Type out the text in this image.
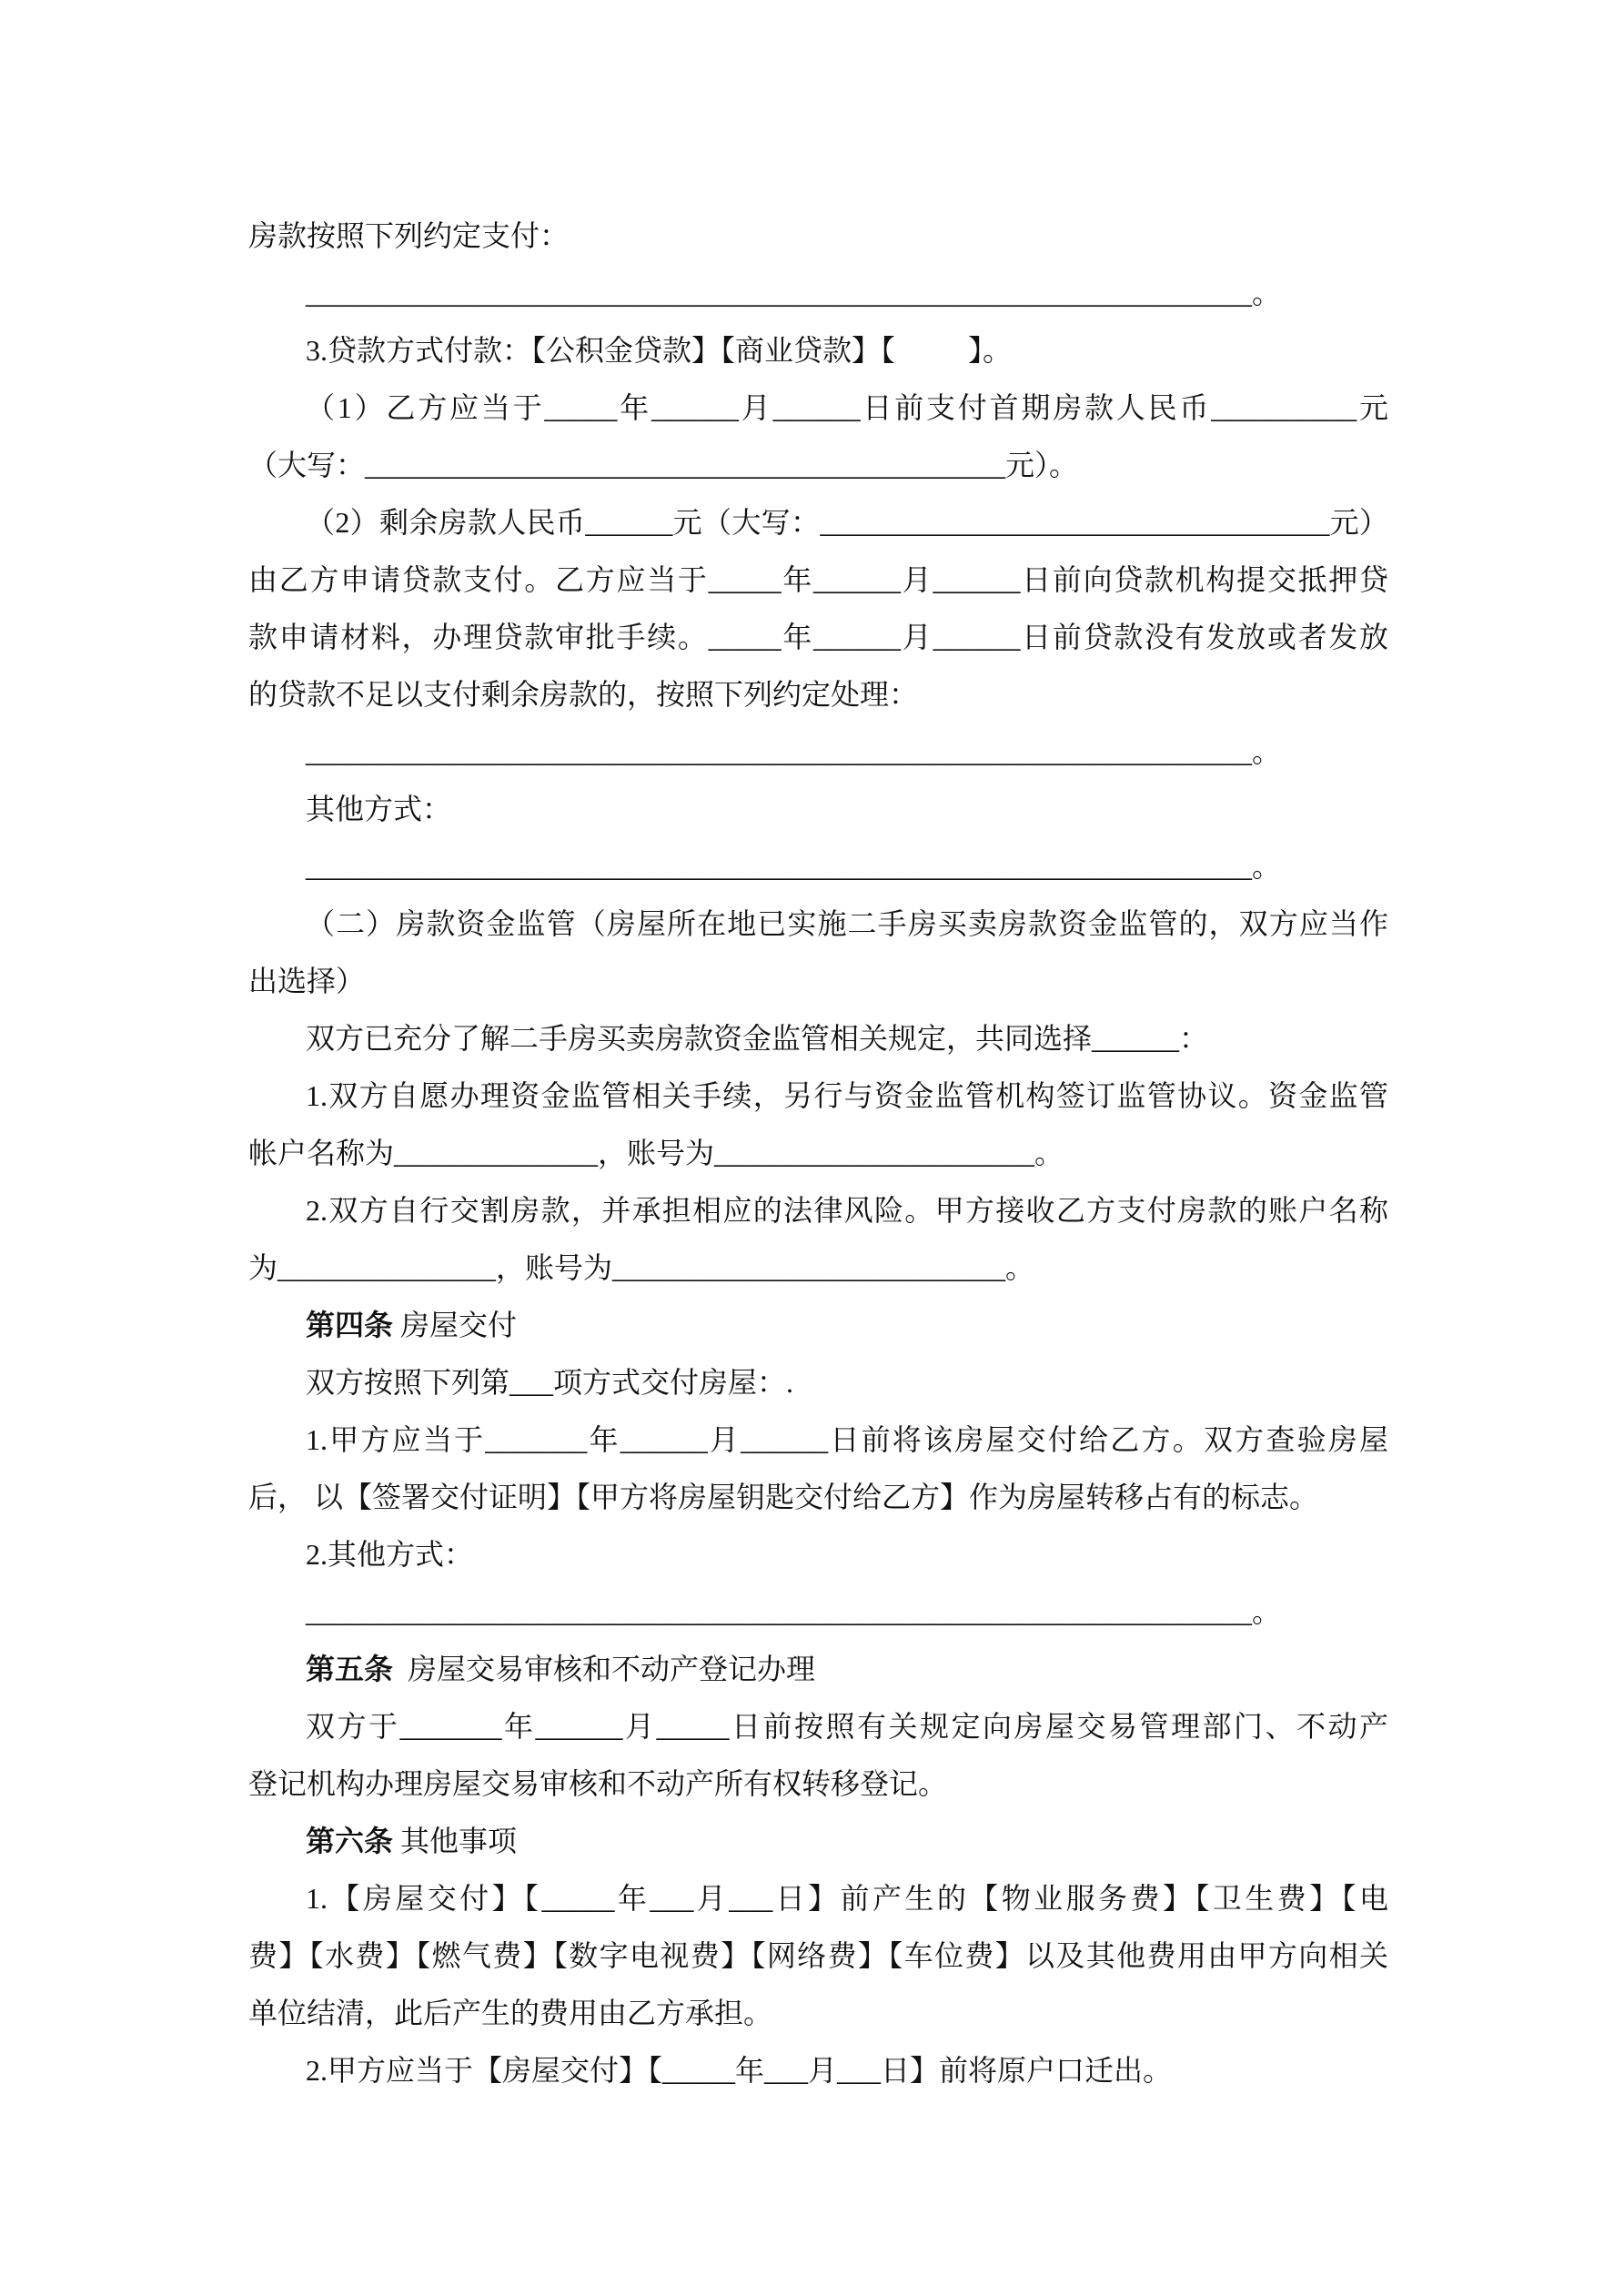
房款按照下列约定支付：
_________________________________________________________________。
3.贷款方式付款：【公积金贷款】【商业贷款】【          】。
（1）乙方应当于_____年______月______日前支付首期房款人民币__________元
（大写：____________________________________________元）。
（2）剩余房款人民币______元（大写：___________________________________元）
由乙方申请贷款支付。乙方应当于_____年______月______日前向贷款机构提交抵押贷
款申请材料，办理贷款审批手续。_____年______月______日前贷款没有发放或者发放
的贷款不足以支付剩余房款的，按照下列约定处理：
_________________________________________________________________。
其他方式：
_________________________________________________________________。
（二）房款资金监管（房屋所在地已实施二手房买卖房款资金监管的，双方应当作
出选择）
双方已充分了解二手房买卖房款资金监管相关规定，共同选择______：
1.双方自愿办理资金监管相关手续，另行与资金监管机构签订监管协议。资金监管
帐户名称为______________，账号为______________________。
2.双方自行交割房款，并承担相应的法律风险。甲方接收乙方支付房款的账户名称
为_______________，账号为___________________________。
第四条 房屋交付
双方按照下列第___项方式交付房屋：.
1.甲方应当于_______年______月______日前将该房屋交付给乙方。双方查验房屋
后， 以【签署交付证明】【甲方将房屋钥匙交付给乙方】作为房屋转移占有的标志。
2.其他方式：
_________________________________________________________________。
第五条  房屋交易审核和不动产登记办理
双方于_______年______月_____日前按照有关规定向房屋交易管理部门、不动产
登记机构办理房屋交易审核和不动产所有权转移登记。
第六条 其他事项
1.【房屋交付】【_____年___月___日】前产生的【物业服务费】【卫生费】【电
费】【水费】【燃气费】【数字电视费】【网络费】【车位费】以及其他费用由甲方向相关
单位结清，此后产生的费用由乙方承担。
2.甲方应当于【房屋交付】【_____年___月___日】前将原户口迁出。
